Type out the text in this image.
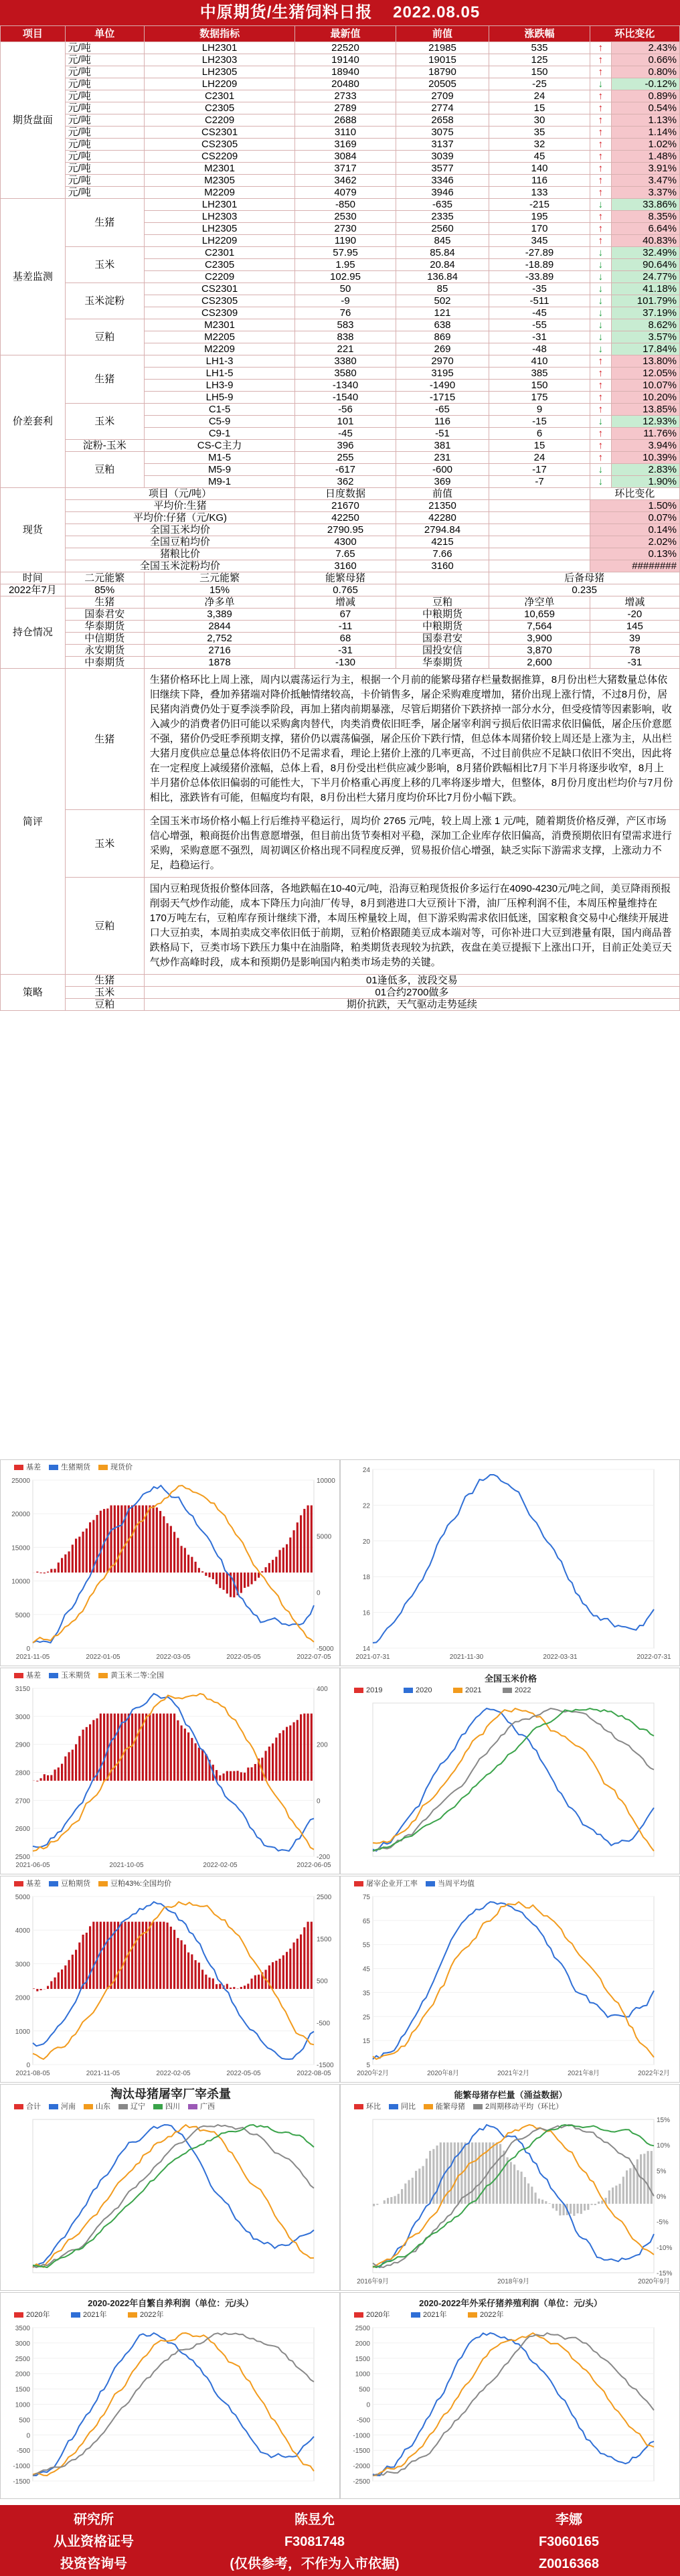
中原期货/生猪饲料日报 2022.08.05
项目	单位	数据指标	最新值	前值	涨跌幅	环比变化	
期货盘面	元/吨	LH2301	22520	21985	535	↑	2.43%
	元/吨	LH2303	19140	19015	125	↑	0.66%
	元/吨	LH2305	18940	18790	150	↑	0.80%
	元/吨	LH2209	20480	20505	-25	↓	-0.12%
	元/吨	C2301	2733	2709	24	↑	0.89%
	元/吨	C2305	2789	2774	15	↑	0.54%
	元/吨	C2209	2688	2658	30	↑	1.13%
	元/吨	CS2301	3110	3075	35	↑	1.14%
	元/吨	CS2305	3169	3137	32	↑	1.02%
	元/吨	CS2209	3084	3039	45	↑	1.48%
	元/吨	M2301	3717	3577	140	↑	3.91%
	元/吨	M2305	3462	3346	116	↑	3.47%
	元/吨	M2209	4079	3946	133	↑	3.37%
基差监测	生猪	LH2301	-850	-635	-215	↓	33.86%
		LH2303	2530	2335	195	↑	8.35%
		LH2305	2730	2560	170	↑	6.64%
		LH2209	1190	845	345	↑	40.83%
	玉米	C2301	57.95	85.84	-27.89	↓	32.49%
		C2305	1.95	20.84	-18.89	↓	90.64%
		C2209	102.95	136.84	-33.89	↓	24.77%
	玉米淀粉	CS2301	50	85	-35	↓	41.18%
		CS2305	-9	502	-511	↓	101.79%
		CS2309	76	121	-45	↓	37.19%
	豆粕	M2301	583	638	-55	↓	8.62%
		M2205	838	869	-31	↓	3.57%
		M2209	221	269	-48	↓	17.84%
价差套利	生猪	LH1-3	3380	2970	410	↑	13.80%
		LH1-5	3580	3195	385	↑	12.05%
		LH3-9	-1340	-1490	150	↑	10.07%
		LH5-9	-1540	-1715	175	↑	10.20%
	玉米	C1-5	-56	-65	9	↑	13.85%
		C5-9	101	116	-15	↓	12.93%
		C9-1	-45	-51	6	↑	11.76%
	淀粉-玉米	CS-C主力	396	381	15	↑	3.94%
	豆粕	M1-5	255	231	24	↑	10.39%
		M5-9	-617	-600	-17	↓	2.83%
		M9-1	362	369	-7	↓	1.90%
现货	项目（元/吨）		日度数据	前值		环比变化	
	平均价:生猪		21670	21350		1.50%	
	平均价:仔猪（元/KG)		42250	42280		0.07%	
	全国玉米均价		2790.95	2794.84		0.14%	
	全国豆粕均价		4300	4215		2.02%	
	猪粮比价		7.65	7.66		0.13%	
	全国玉米淀粉均价		3160	3160		########	
时间	二元能繁	三元能繁	能繁母猪		后备母猪		
2022年7月	85%	15%	0.765		0.235		
持仓情况	生猪	净多单	增减	豆粕	净空单	增减	
	国泰君安	3,389	67	中粮期货	10,659	-20	
	华泰期货	2844	-11	中粮期货	7,564	145	
	中信期货	2,752	68	国泰君安	3,900	39	
	永安期货	2716	-31	国投安信	3,870	78	
	中泰期货	1878	-130	华泰期货	2,600	-31	
简评	生猪	生猪价格环比上周上涨，周内以震荡运行为主，根据一个月前的能繁母猪存栏量数据推算，8月份出栏大猪数量总体依旧继续下降，叠加养猪端对降价抵触情绪较高，卡价销售多，屠企采购难度增加，猪价出现上涨行情，不过8月份，居民猪肉消费仍处于夏季淡季阶段，再加上猪肉前期暴涨，尽管后期猪价下跌挤掉一部分水分，但受疫情等因素影响，收入减少的消费者仍旧可能以采购禽肉替代，肉类消费依旧旺季，屠企屠宰利润亏损后依旧需求依旧偏低，屠企压价意愿不强，猪价仍受旺季预期支撑，猪价仍以震荡偏强，屠企压价下跌行情，但总体本周猪价较上周还是上涨为主，从出栏大猪月度供应总量总体将依旧仍不足需求看，理论上猪价上涨的几率更高，不过目前供应不足缺口依旧不突出，因此将在一定程度上减缓猪价涨幅，总体上看，8月份受出栏供应减少影响，8月猪价跌幅相比7月下半月将逐步收窄，8月上半月猪价总体依旧偏弱的可能性大，下半月价格重心再度上移的几率将逐步增大，但整体，8月份月度出栏均价与7月份相比，涨跌皆有可能，但幅度均有限，8月份出栏大猪月度均价环比7月份小幅下跌。					
	玉米	全国玉米市场价格小幅上行后维持平稳运行，周均价 2765 元/吨，较上周上涨 1 元/吨，随着期货价格反弹，产区市场信心增强，粮商挺价出售意愿增强，但目前出货节奏相对平稳，深加工企业库存依旧偏高，消费预期依旧有望需求进行采购，采购意愿不强烈，周初调区价格出现不同程度反弹，贸易报价信心增强，缺乏实际下游需求支撑，上涨动力不足，趋稳运行。					
	豆粕	国内豆粕现货报价整体回落，各地跌幅在10-40元/吨，沿海豆粕现货报价多运行在4090-4230元/吨之间，美豆降雨预报削弱天气炒作动能，成本下降压力向油厂传导，8月到港进口大豆预计下滑，油厂压榨利润不佳，本周压榨量维持在170万吨左右，豆粕库存预计继续下滑，本周压榨量较上周，但下游采购需求依旧低迷，国家粮食交易中心继续开展进口大豆拍卖，本周拍卖成交率依旧低于前期，豆粕价格跟随美豆成本端对等，可你补进口大豆到港量有限，国内商品普跌格局下，豆类市场下跌压力集中在油脂降，粕类期货表现较为抗跌，夜盘在美豆提振下上涨出口开，目前正处美豆天气炒作高峰时段，成本和预期仍是影响国内粕类市场走势的关键。					
策略	生猪	01逢低多，波段交易					
	玉米	01合约2700做多					
	豆粕	期价抗跌，天气驱动走势延续					
基差	生猪期货	现货价
0
5000
10000
15000
20000
25000
-5000
0
5000
10000
2021-11-05	2022-01-05	2022-03-05	2022-05-05	2022-07-05
14
16
18
20
22
24
2021-07-31	2021-11-30	2022-03-31	2022-07-31
基差	玉米期货	黄玉米二等:全国
2500
2600
2700
2800
2900
3000
3150
-200
0
200
400
2021-06-05	2021-10-05	2022-02-05	2022-06-05
全国玉米价格
2019	2020	2021	2022
基差	豆粕期货	豆粕43%:全国均价
0
1000
2000
3000
4000
5000
-1500
-500
500
1500
2500
2021-08-05	2021-11-05	2022-02-05	2022-05-05	2022-08-05
屠宰企业开工率	当周平均值
5
15
25
35
45
55
65
75
2020年2月	2020年8月	2021年2月	2021年8月	2022年2月
淘汰母猪屠宰厂宰杀量
合计	河南	山东	辽宁	四川	广西
能繁母猪存栏量（涌益数据）
环比	同比	能繁母猪	2周期移动平均（环比）
-15%
-10%
-5%
0%
5%
10%
15%
2016年9月	2018年9月	2020年9月
2020-2022年自繁自养利润（单位：元/头）
2020年	2021年	2022年
-1500
-1000
-500
0
500
1000
1500
2000
2500
3000
3500
2020-2022年外采仔猪养殖利润（单位：元/头）
2020年	2021年	2022年
-2500
-2000
-1500
-1000
-500
0
500
1000
1500
2000
2500
研究所
从业资格证号
投资咨询号
陈昱允
F3081748
(仅供参考，不作为入市依据)
李娜
F3060165
Z0016368
